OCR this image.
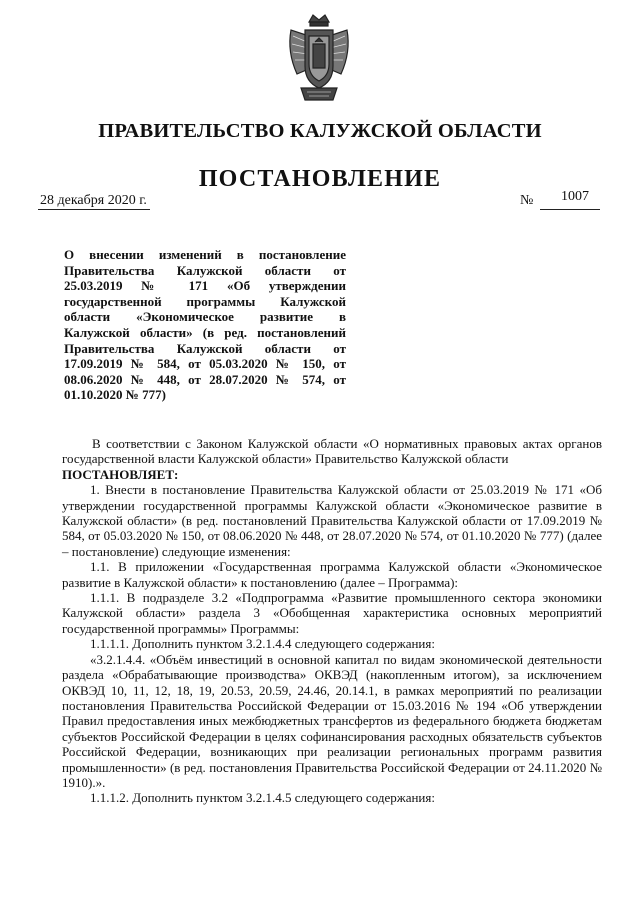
ПРАВИТЕЛЬСТВО КАЛУЖСКОЙ ОБЛАСТИ
ПОСТАНОВЛЕНИЕ
28 декабря 2020 г.	№ 1007
О внесении изменений в постановление Правительства Калужской области от 25.03.2019 № 171 «Об утверждении государственной программы Калужской области «Экономическое развитие в Калужской области» (в ред. постановлений Правительства Калужской области от 17.09.2019 № 584, от 05.03.2020 № 150, от 08.06.2020 № 448, от 28.07.2020 № 574, от 01.10.2020 № 777)

В соответствии с Законом Калужской области «О нормативных правовых актах органов государственной власти Калужской области» Правительство Калужской области

ПОСТАНОВЛЯЕТ:

1. Внести в постановление Правительства Калужской области от 25.03.2019 № 171 «Об утверждении государственной программы Калужской области «Экономическое развитие в Калужской области» (в ред. постановлений Правительства Калужской области от 17.09.2019 № 584, от 05.03.2020 № 150, от 08.06.2020 № 448, от 28.07.2020 № 574, от 01.10.2020 № 777) (далее – постановление) следующие изменения:

1.1. В приложении «Государственная программа Калужской области «Экономическое развитие в Калужской области» к постановлению (далее – Программа):

1.1.1. В подразделе 3.2 «Подпрограмма «Развитие промышленного сектора экономики Калужской области» раздела 3 «Обобщенная характеристика основных мероприятий государственной программы» Программы:

1.1.1.1. Дополнить пунктом 3.2.1.4.4 следующего содержания:

«3.2.1.4.4. «Объём инвестиций в основной капитал по видам экономической деятельности раздела «Обрабатывающие производства» ОКВЭД (накопленным итогом), за исключением ОКВЭД 10, 11, 12, 18, 19, 20.53, 20.59, 24.46, 20.14.1, в рамках мероприятий по реализации постановления Правительства Российской Федерации от 15.03.2016 № 194 «Об утверждении Правил предоставления иных межбюджетных трансфертов из федерального бюджета бюджетам субъектов Российской Федерации в целях софинансирования расходных обязательств субъектов Российской Федерации, возникающих при реализации региональных программ развития промышленности» (в ред. постановления Правительства Российской Федерации от 24.11.2020 № 1910).».

1.1.1.2. Дополнить пунктом 3.2.1.4.5 следующего содержания:
